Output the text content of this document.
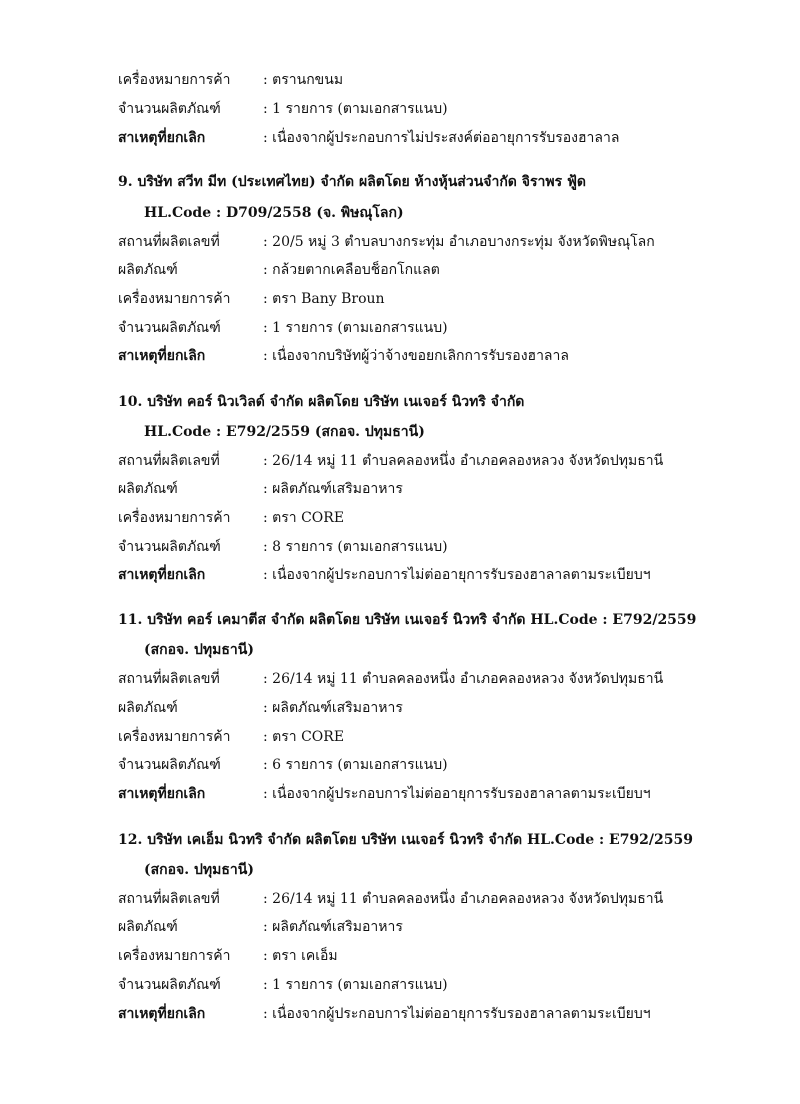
เครื่องหมายการค้า : ตรานกขนม
จำนวนผลิตภัณฑ์	: 1 รายการ (ตามเอกสารแนบ)
สาเหตุที่ยกเลิก	: เนื่องจากผู้ประกอบการไม่ประสงค์ต่ออายุการรับรองฮาลาล
9. บริษัท สวีท มีท (ประเทศไทย) จำกัด ผลิตโดย ห้างหุ้นส่วนจำกัด จิราพร ฟู้ด
HL.Code : D709/2558 (จ. พิษณุโลก)
สถานที่ผลิตเลขที่	: 20/5 หมู่ 3 ตำบลบางกระทุ่ม อำเภอบางกระทุ่ม จังหวัดพิษณุโลก
ผลิตภัณฑ์	: กล้วยตากเคลือบช็อกโกแลต
เครื่องหมายการค้า : ตรา Bany Broun
จำนวนผลิตภัณฑ์	: 1 รายการ (ตามเอกสารแนบ)
สาเหตุที่ยกเลิก	: เนื่องจากบริษัทผู้ว่าจ้างขอยกเลิกการรับรองฮาลาล
10. บริษัท คอร์ นิวเวิลด์ จำกัด ผลิตโดย บริษัท เนเจอร์ นิวทริ จำกัด
HL.Code : E792/2559 (สกอจ. ปทุมธานี)
สถานที่ผลิตเลขที่	: 26/14 หมู่ 11 ตำบลคลองหนึ่ง อำเภอคลองหลวง จังหวัดปทุมธานี
ผลิตภัณฑ์	: ผลิตภัณฑ์เสริมอาหาร
เครื่องหมายการค้า : ตรา CORE
จำนวนผลิตภัณฑ์	: 8 รายการ (ตามเอกสารแนบ)
สาเหตุที่ยกเลิก	: เนื่องจากผู้ประกอบการไม่ต่ออายุการรับรองฮาลาลตามระเบียบฯ
11. บริษัท คอร์ เคมาตีส จำกัด ผลิตโดย บริษัท เนเจอร์ นิวทริ จำกัด HL.Code : E792/2559
(สกอจ. ปทุมธานี)
สถานที่ผลิตเลขที่	: 26/14 หมู่ 11 ตำบลคลองหนึ่ง อำเภอคลองหลวง จังหวัดปทุมธานี
ผลิตภัณฑ์	: ผลิตภัณฑ์เสริมอาหาร
เครื่องหมายการค้า : ตรา CORE
จำนวนผลิตภัณฑ์	: 6 รายการ (ตามเอกสารแนบ)
สาเหตุที่ยกเลิก	: เนื่องจากผู้ประกอบการไม่ต่ออายุการรับรองฮาลาลตามระเบียบฯ
12. บริษัท เคเอ็ม นิวทริ จำกัด ผลิตโดย บริษัท เนเจอร์ นิวทริ จำกัด HL.Code : E792/2559
(สกอจ. ปทุมธานี)
สถานที่ผลิตเลขที่	: 26/14 หมู่ 11 ตำบลคลองหนึ่ง อำเภอคลองหลวง จังหวัดปทุมธานี
ผลิตภัณฑ์	: ผลิตภัณฑ์เสริมอาหาร
เครื่องหมายการค้า : ตรา เคเอ็ม
จำนวนผลิตภัณฑ์	: 1 รายการ (ตามเอกสารแนบ)
สาเหตุที่ยกเลิก	: เนื่องจากผู้ประกอบการไม่ต่ออายุการรับรองฮาลาลตามระเบียบฯ
